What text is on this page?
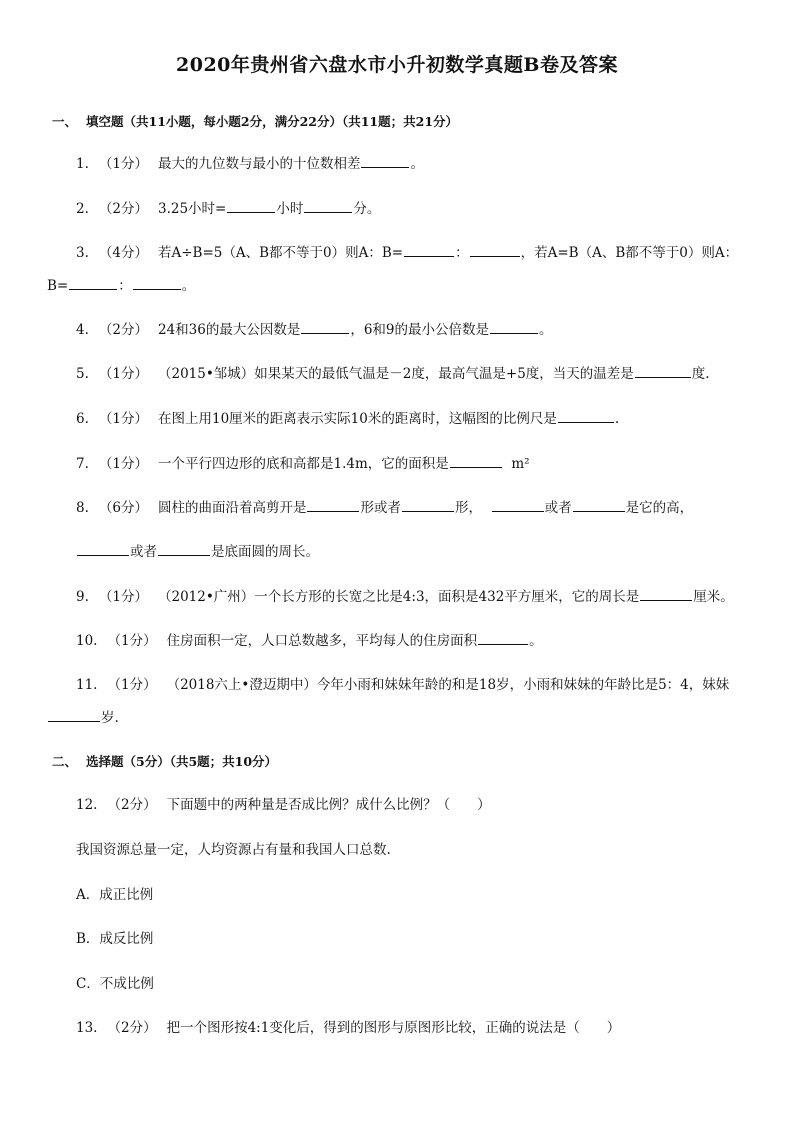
2020年贵州省六盘水市小升初数学真题B卷及答案
一、 填空题（共11小题，每小题2分，满分22分）（共11题；共21分）
1. （1分） 最大的九位数与最小的十位数相差	。
2. （2分） 3.25小时=	小时	分。
3. （4分） 若A÷B=5（A、B都不等于0）则A：B=	：	，若A=B（A、B都不等于0）则A：
B=	：	。
4. （2分） 24和36的最大公因数是	，6和9的最小公倍数是	。
5. （1分） （2015•邹城）如果某天的最低气温是－2度，最高气温是+5度，当天的温差是	度.
6. （1分） 在图上用10厘米的距离表示实际10米的距离时，这幅图的比例尺是	.
7. （1分） 一个平行四边形的底和高都是1.4m，它的面积是	m²
8. （6分） 圆柱的曲面沿着高剪开是	形或者	形，	或者	是它的高，
或者	是底面圆的周长。
9. （1分） （2012•广州）一个长方形的长宽之比是4:3，面积是432平方厘米，它的周长是	厘米。
10. （1分） 住房面积一定，人口总数越多，平均每人的住房面积	。
11. （1分） （2018六上•澄迈期中）今年小雨和妹妹年龄的和是18岁，小雨和妹妹的年龄比是5：4，妹妹
岁.
二、 选择题（5分）（共5题；共10分）
12. （2分） 下面题中的两种量是否成比例？成什么比例？（　　）
我国资源总量一定，人均资源占有量和我国人口总数.
A．成正比例
B．成反比例
C．不成比例
13. （2分） 把一个图形按4:1变化后，得到的图形与原图形比较，正确的说法是（　　）
